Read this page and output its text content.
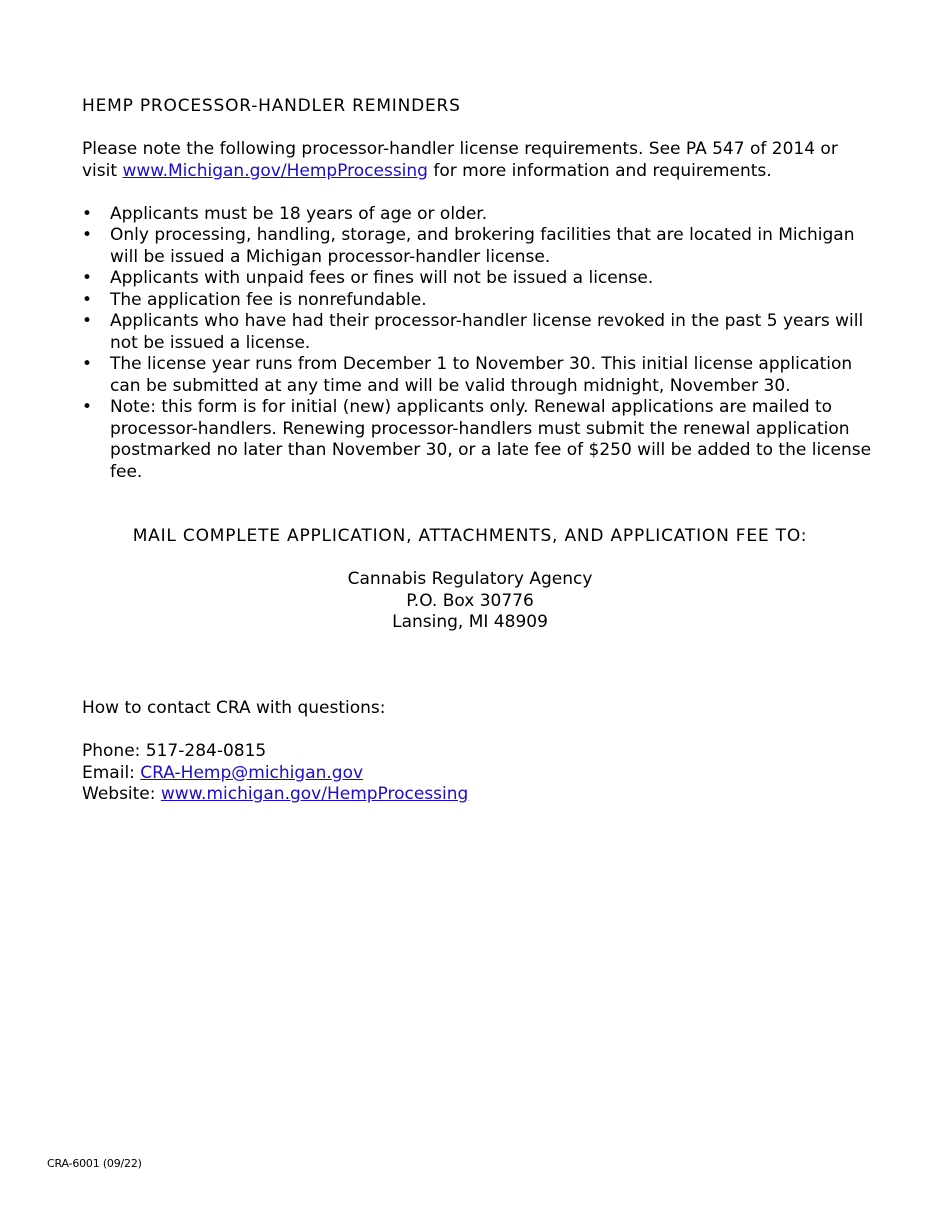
HEMP PROCESSOR-HANDLER REMINDERS

Please note the following processor-handler license requirements. See PA 547 of 2014 or visit www.Michigan.gov/HempProcessing for more information and requirements.

• Applicants must be 18 years of age or older.
• Only processing, handling, storage, and brokering facilities that are located in Michigan will be issued a Michigan processor-handler license.
• Applicants with unpaid fees or fines will not be issued a license.
• The application fee is nonrefundable.
• Applicants who have had their processor-handler license revoked in the past 5 years will not be issued a license.
• The license year runs from December 1 to November 30. This initial license application can be submitted at any time and will be valid through midnight, November 30.
• Note: this form is for initial (new) applicants only. Renewal applications are mailed to processor-handlers. Renewing processor-handlers must submit the renewal application postmarked no later than November 30, or a late fee of $250 will be added to the license fee.

MAIL COMPLETE APPLICATION, ATTACHMENTS, AND APPLICATION FEE TO:

Cannabis Regulatory Agency

P.O. Box 30776

Lansing, MI 48909

How to contact CRA with questions:

Phone: 517-284-0815

Email: CRA-Hemp@michigan.gov

Website: www.michigan.gov/HempProcessing

CRA-6001 (09/22)
